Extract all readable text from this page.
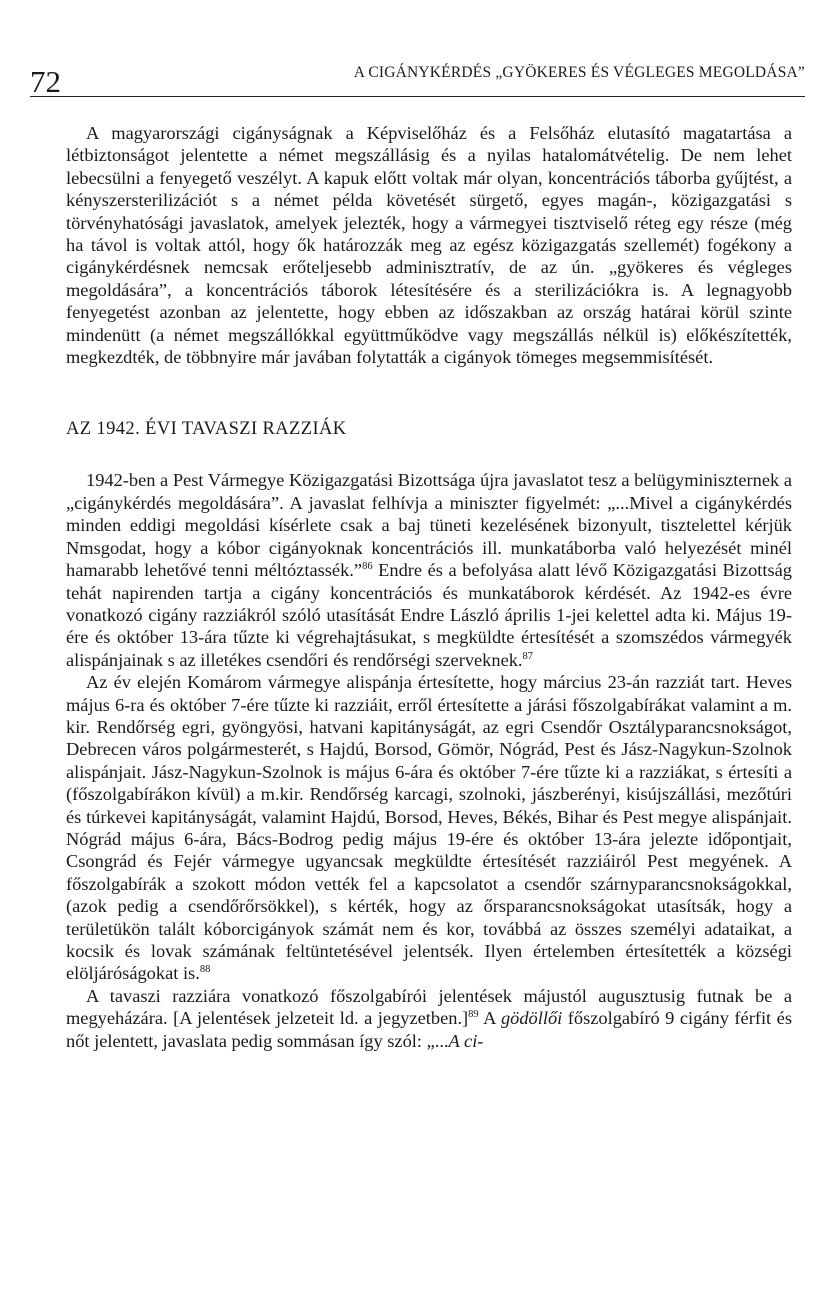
72	A CIGÁNYKÉRDÉS „GYÖKERES ÉS VÉGLEGES MEGOLDÁSA”

A magyarországi cigányságnak a Képviselőház és a Felsőház elutasító magatartása a létbiztonságot jelentette a német megszállásig és a nyilas hatalomátvételig. De nem lehet lebecsülni a fenyegető veszélyt. A kapuk előtt voltak már olyan, koncentrációs táborba gyűjtést, a kényszersterilizációt s a német példa követését sürgető, egyes magán-, közigazgatási s törvényhatósági javaslatok, amelyek jelezték, hogy a vármegyei tisztviselő réteg egy része (még ha távol is voltak attól, hogy ők határozzák meg az egész közigazgatás szellemét) fogékony a cigánykérdésnek nemcsak erőteljesebb adminisztratív, de az ún. „gyökeres és végleges megoldására”, a koncentrációs táborok létesítésére és a sterilizációkra is. A legnagyobb fenyegetést azonban az jelentette, hogy ebben az időszakban az ország határai körül szinte mindenütt (a német megszállókkal együttműködve vagy megszállás nélkül is) előkészítették, megkezdték, de többnyire már javában folytatták a cigányok tömeges megsemmisítését.

AZ 1942. ÉVI TAVASZI RAZZIÁK

1942-ben a Pest Vármegye Közigazgatási Bizottsága újra javaslatot tesz a belügyminiszternek a „cigánykérdés megoldására”. A javaslat felhívja a miniszter figyelmét: „...Mivel a cigánykérdés minden eddigi megoldási kísérlete csak a baj tüneti kezelésének bizonyult, tisztelettel kérjük Nmsgodat, hogy a kóbor cigányoknak koncentrációs ill. munkatáborba való helyezését minél hamarabb lehetővé tenni méltóztassék.”$^{86}$ Endre és a befolyása alatt lévő Közigazgatási Bizottság tehát napirenden tartja a cigány koncentrációs és munkatáborok kérdését. Az 1942-es évre vonatkozó cigány razziákról szóló utasítását Endre László április 1-jei kelettel adta ki. Május 19-ére és október 13-ára tűzte ki végrehajtásukat, s megküldte értesítését a szomszédos vármegyék alispánjainak s az illetékes csendőri és rendőrségi szerveknek.$^{87}$

Az év elején Komárom vármegye alispánja értesítette, hogy március 23-án razziát tart. Heves május 6-ra és október 7-ére tűzte ki razziáit, erről értesítette a járási főszolgabírákat valamint a m. kir. Rendőrség egri, gyöngyösi, hatvani kapitányságát, az egri Csendőr Osztályparancsnokságot, Debrecen város polgármesterét, s Hajdú, Borsod, Gömör, Nógrád, Pest és Jász-Nagykun-Szolnok alispánjait. Jász-Nagykun-Szolnok is május 6-ára és október 7-ére tűzte ki a razziákat, s értesíti a (főszolgabírákon kívül) a m.kir. Rendőrség karcagi, szolnoki, jászberényi, kisújszállási, mezőtúri és túrkevei kapitányságát, valamint Hajdú, Borsod, Heves, Békés, Bihar és Pest megye alispánjait. Nógrád május 6-ára, Bács-Bodrog pedig május 19-ére és október 13-ára jelezte időpontjait, Csongrád és Fejér vármegye ugyancsak megküldte értesítését razziáiról Pest megyének. A főszolgabírák a szokott módon vették fel a kapcsolatot a csendőr szárnyparancsnokságokkal, (azok pedig a csendőrőrsökkel), s kérték, hogy az őrsparancsnokságokat utasítsák, hogy a területükön talált kóborcigányok számát nem és kor, továbbá az összes személyi adataikat, a kocsik és lovak számának feltüntetésével jelentsék. Ilyen értelemben értesítették a községi elöljáróságokat is.$^{88}$

A tavaszi razziára vonatkozó főszolgabírói jelentések májustól augusztusig futnak be a megyeházára. [A jelentések jelzeteit ld. a jegyzetben.]$^{89}$ A gödöllői főszolgabíró 9 cigány férfit és nőt jelentett, javaslata pedig sommásan így szól: „...A ci-
